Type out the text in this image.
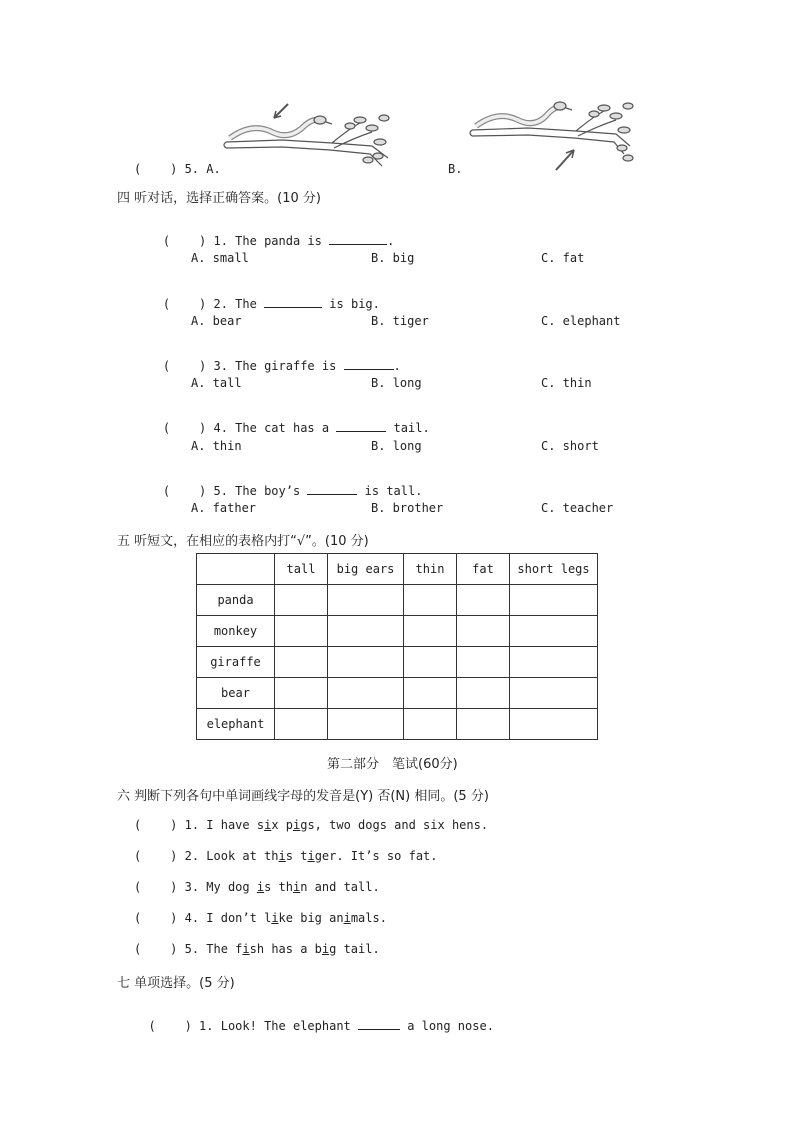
(    ) 5. A.	B.
四 听对话，选择正确答案。(10 分)

(    ) 1. The panda is	.

A. small	B. big	C. fat

(    ) 2. The	is big.

A. bear	B. tiger	C. elephant

(    ) 3. The giraffe is	.

A. tall	B. long	C. thin

(    ) 4. The cat has a	tail.

A. thin	B. long	C. short

(    ) 5. The boy’s	is tall.

A. father	B. brother	C. teacher
五 听短文，在相应的表格内打“√”。(10 分)
	tall	big ears	thin	fat	short legs
panda					
monkey					
giraffe					
bear					
elephant					
第二部分　笔试(60分)
六 判断下列各句中单词画线字母的发音是(Y) 否(N) 相同。(5 分)
(    ) 1. I have six pigs, two dogs and six hens.
(    ) 2. Look at this tiger. It’s so fat.
(    ) 3. My dog is thin and tall.
(    ) 4. I don’t like big animals.
(    ) 5. The fish has a big tail.
七 单项选择。(5 分)

(    ) 1. Look! The elephant	a long nose.
